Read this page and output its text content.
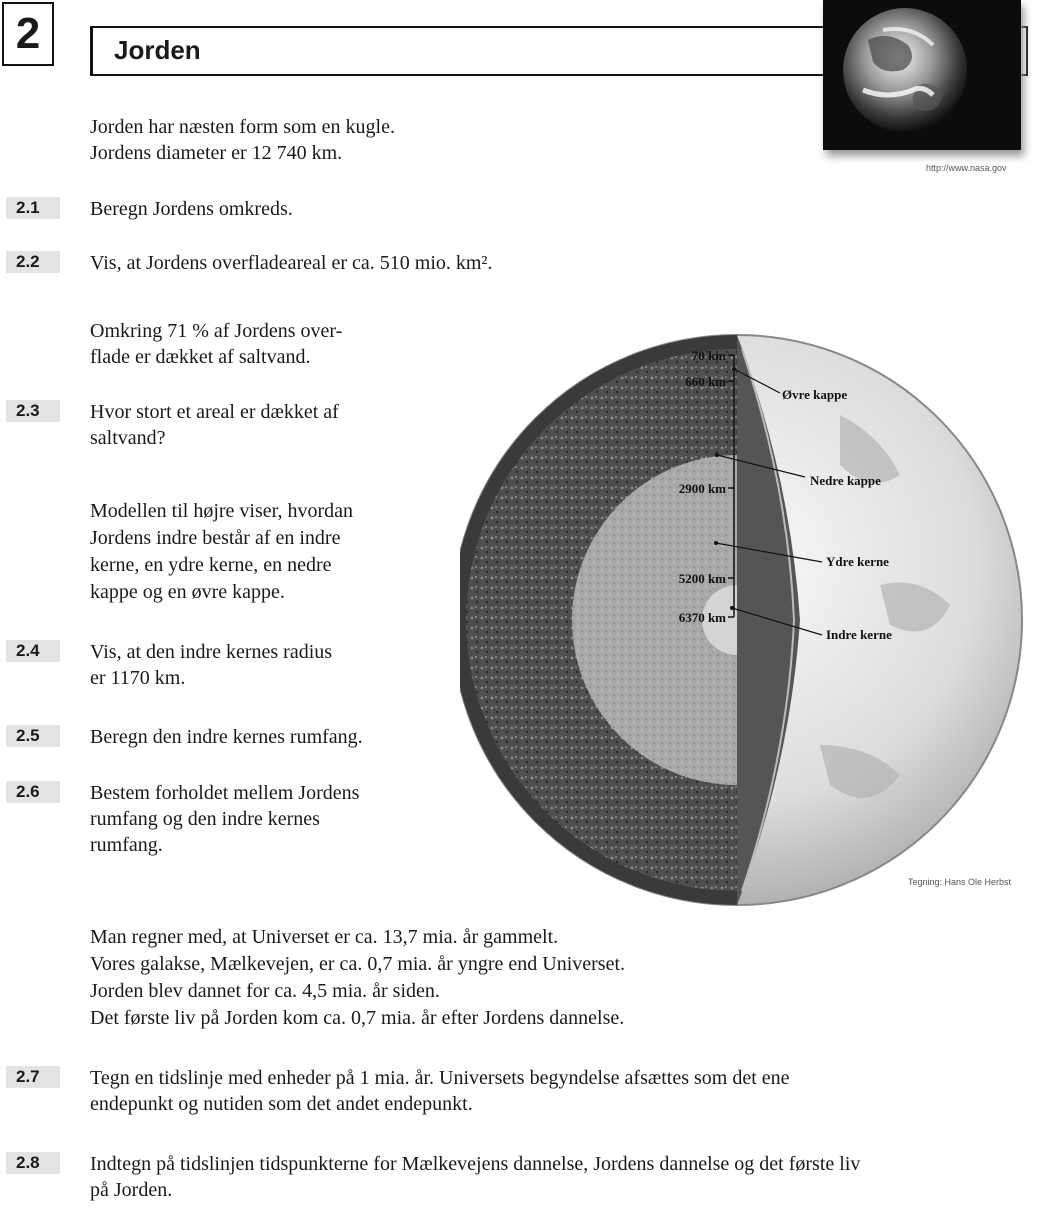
2	Jorden
http://www.nasa.gov
Jorden har næsten form som en kugle.
Jordens diameter er 12 740 km.
2.1	Beregn Jordens omkreds.
2.2	Vis, at Jordens overfladeareal er ca. 510 mio. km².
Omkring 71 % af Jordens over-
flade er dækket af saltvand.
2.3	Hvor stort et areal er dækket af
saltvand?
Modellen til højre viser, hvordan
Jordens indre består af en indre
kerne, en ydre kerne, en nedre
kappe og en øvre kappe.
2.4	Vis, at den indre kernes radius
er 1170 km.
2.5	Beregn den indre kernes rumfang.
2.6	Bestem forholdet mellem Jordens
rumfang og den indre kernes
rumfang.
70 km
660 km
2900 km
5200 km
6370 km
Øvre kappe
Nedre kappe
Ydre kerne
Indre kerne
Tegning: Hans Ole Herbst
Man regner med, at Universet er ca. 13,7 mia. år gammelt.
Vores galakse, Mælkevejen, er ca. 0,7 mia. år yngre end Universet.
Jorden blev dannet for ca. 4,5 mia. år siden.
Det første liv på Jorden kom ca. 0,7 mia. år efter Jordens dannelse.
2.7	Tegn en tidslinje med enheder på 1 mia. år. Universets begyndelse afsættes som det ene
endepunkt og nutiden som det andet endepunkt.
2.8	Indtegn på tidslinjen tidspunkterne for Mælkevejens dannelse, Jordens dannelse og det første liv
på Jorden.
